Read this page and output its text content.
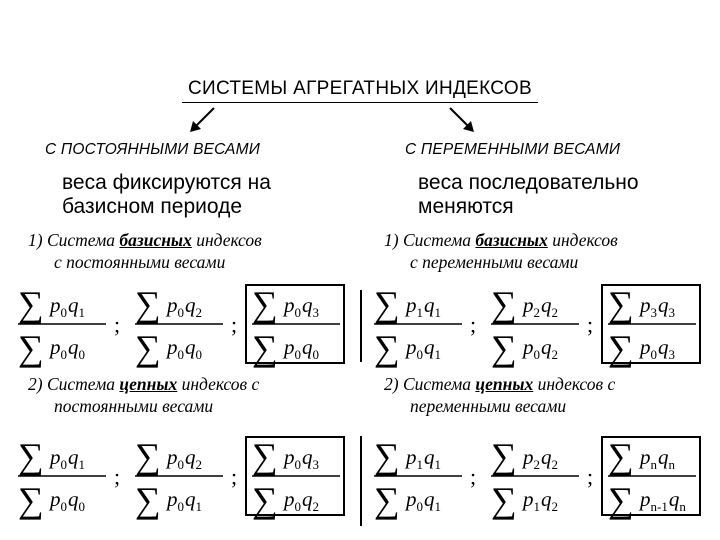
СИСТЕМЫ АГРЕГАТНЫХ ИНДЕКСОВ
С ПОСТОЯННЫМИ ВЕСАМИ	С ПЕРЕМЕННЫМИ ВЕСАМИ
веса фиксируются на
базисном периоде
веса последовательно
меняются
1) Система базисных индексов
с постоянными весами
1) Система базисных индексов
с переменными весами
2) Система цепных индексов с
постоянными весами
2) Система цепных индексов с
переменными весами
∑ $p_0q_1$
∑ $p_0q_0$
;
∑ $p_0q_2$
∑ $p_0q_0$
;
∑ $p_0q_3$
∑ $p_0q_0$
∑ $p_1q_1$
∑ $p_0q_1$
;
∑ $p_2q_2$
∑ $p_0q_2$
;
∑ $p_3q_3$
∑ $p_0q_3$
∑ $p_0q_1$
∑ $p_0q_0$
;
∑ $p_0q_2$
∑ $p_0q_1$
;
∑ $p_0q_3$
∑ $p_0q_2$
∑ $p_1q_1$
∑ $p_0q_1$
;
∑ $p_2q_2$
∑ $p_1q_2$
;
∑ $p_nq_n$
∑ $p_{n-1}q_n$
